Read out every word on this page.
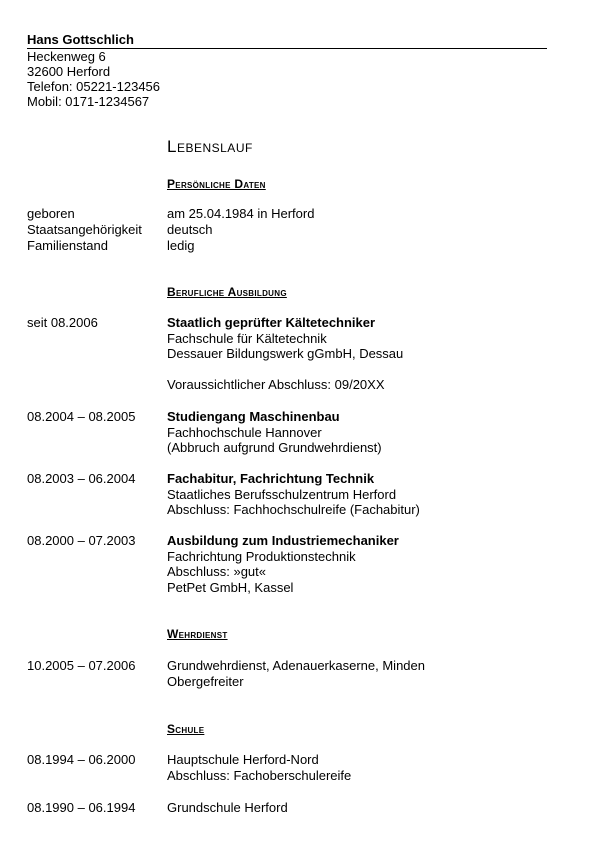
Hans Gottschlich
Heckenweg 6
32600 Herford
Telefon: 05221-123456
Mobil: 0171-1234567
Lebenslauf
Persönliche Daten
geboren	am 25.04.1984 in Herford
Staatsangehörigkeit	deutsch
Familienstand	ledig
Berufliche Ausbildung
seit 08.2006	Staatlich geprüfter Kältetechniker
Fachschule für Kältetechnik
Dessauer Bildungswerk gGmbH, Dessau
Voraussichtlicher Abschluss: 09/20XX
08.2004 – 08.2005	Studiengang Maschinenbau
Fachhochschule Hannover
(Abbruch aufgrund Grundwehrdienst)
08.2003 – 06.2004	Fachabitur, Fachrichtung Technik
Staatliches Berufsschulzentrum Herford
Abschluss: Fachhochschulreife (Fachabitur)
08.2000 – 07.2003	Ausbildung zum Industriemechaniker
Fachrichtung Produktionstechnik
Abschluss: »gut«
PetPet GmbH, Kassel
Wehrdienst
10.2005 – 07.2006	Grundwehrdienst, Adenauerkaserne, Minden
Obergefreiter
Schule
08.1994 – 06.2000	Hauptschule Herford-Nord
Abschluss: Fachoberschulereife
08.1990 – 06.1994	Grundschule Herford
